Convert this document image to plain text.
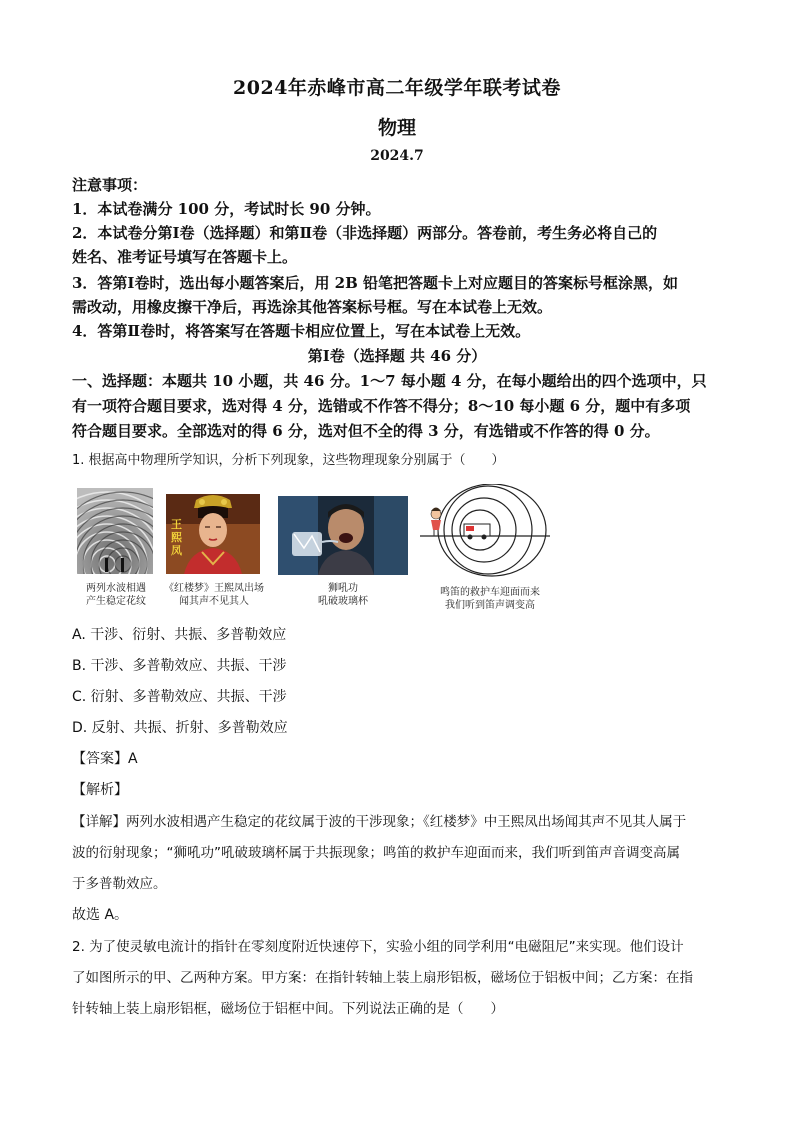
2024年赤峰市高二年级学年联考试卷
物理
2024.7
注意事项：
1．本试卷满分 100 分，考试时长 90 分钟。
2．本试卷分第Ⅰ卷（选择题）和第Ⅱ卷（非选择题）两部分。答卷前，考生务必将自己的
姓名、准考证号填写在答题卡上。
3．答第Ⅰ卷时，选出每小题答案后，用 2B 铅笔把答题卡上对应题目的答案标号框涂黑，如
需改动，用橡皮擦干净后，再选涂其他答案标号框。写在本试卷上无效。
4．答第Ⅱ卷时，将答案写在答题卡相应位置上，写在本试卷上无效。
第Ⅰ卷（选择题 共 46 分）
一、选择题：本题共 10 小题，共 46 分。1～7 每小题 4 分，在每小题给出的四个选项中，只
有一项符合题目要求，选对得 4 分，选错或不作答不得分；8～10 每小题 6 分，题中有多项
符合题目要求。全部选对的得 6 分，选对但不全的得 3 分，有选错或不作答的得 0 分。
1. 根据高中物理所学知识，分析下列现象，这些物理现象分别属于（　　）
两列水波相遇
产生稳定花纹
王熙凤
《红楼梦》王熙凤出场
闻其声不见其人
狮吼功
吼破玻璃杯
鸣笛的救护车迎面而来
我们听到笛声调变高
A. 干涉、衍射、共振、多普勒效应
B. 干涉、多普勒效应、共振、干涉
C. 衍射、多普勒效应、共振、干涉
D. 反射、共振、折射、多普勒效应
【答案】A
【解析】
【详解】两列水波相遇产生稳定的花纹属于波的干涉现象；《红楼梦》中王熙凤出场闻其声不见其人属于
波的衍射现象；“狮吼功”吼破玻璃杯属于共振现象；鸣笛的救护车迎面而来，我们听到笛声音调变高属
于多普勒效应。
故选 A。
2. 为了使灵敏电流计的指针在零刻度附近快速停下，实验小组的同学利用“电磁阻尼”来实现。他们设计
了如图所示的甲、乙两种方案。甲方案：在指针转轴上装上扇形铝板，磁场位于铝板中间；乙方案：在指
针转轴上装上扇形铝框，磁场位于铝框中间。下列说法正确的是（　　）
